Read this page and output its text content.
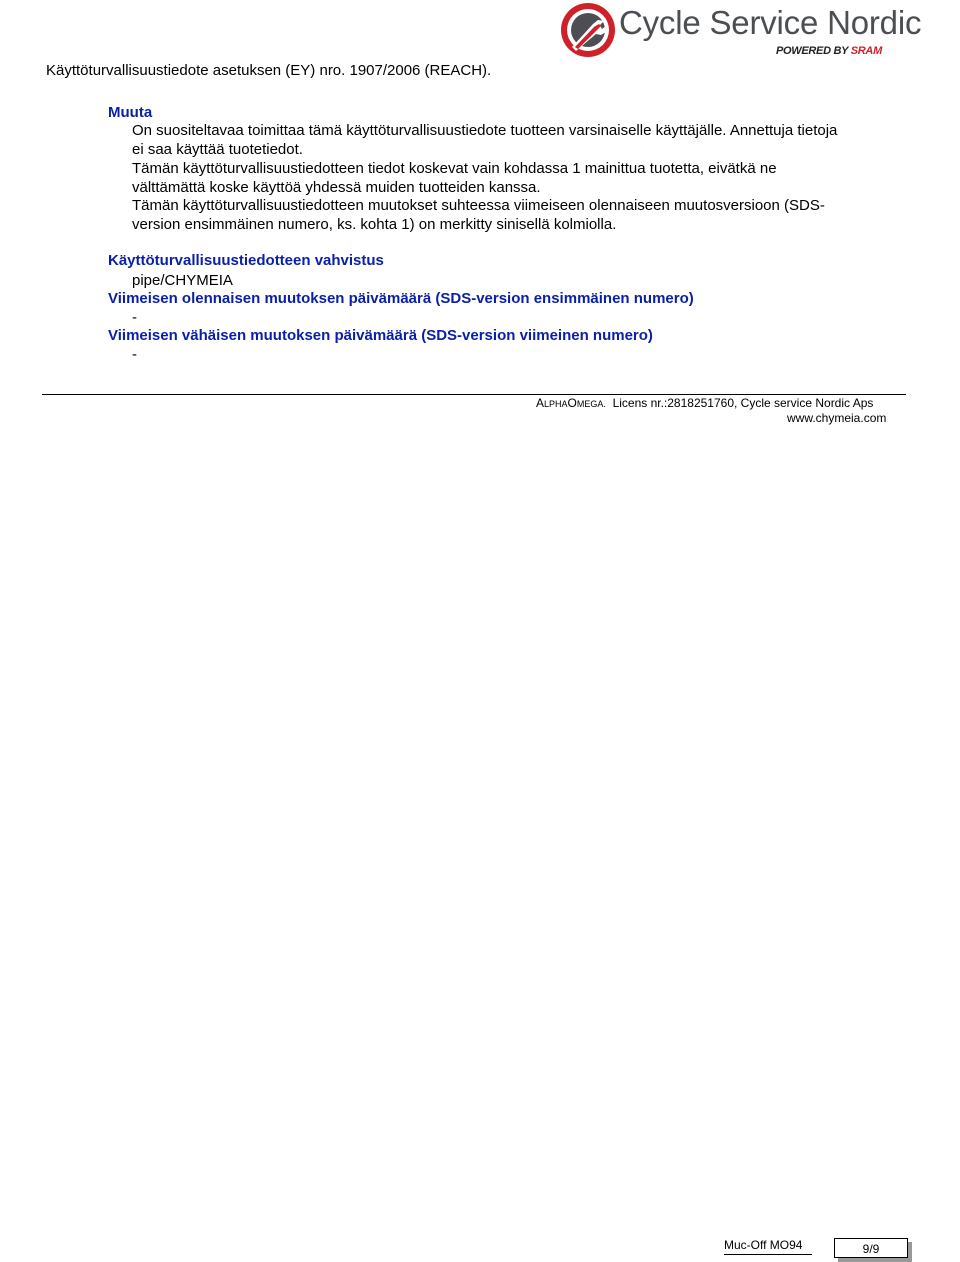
Käyttöturvallisuustiedote asetuksen (EY) nro. 1907/2006 (REACH).
Cycle Service Nordic
POWERED BY SRAM
Muuta
On suositeltavaa toimittaa tämä käyttöturvallisuustiedote tuotteen varsinaiselle käyttäjälle. Annettuja tietoja
ei saa käyttää tuotetiedot.
Tämän käyttöturvallisuustiedotteen tiedot koskevat vain kohdassa 1 mainittua tuotetta, eivätkä ne
välttämättä koske käyttöä yhdessä muiden tuotteiden kanssa.
Tämän käyttöturvallisuustiedotteen muutokset suhteessa viimeiseen olennaiseen muutosversioon (SDS-
version ensimmäinen numero, ks. kohta 1) on merkitty sinisellä kolmiolla.
Käyttöturvallisuustiedotteen vahvistus
pipe/CHYMEIA
Viimeisen olennaisen muutoksen päivämäärä (SDS-version ensimmäinen numero)
-
Viimeisen vähäisen muutoksen päivämäärä (SDS-version viimeinen numero)
-
ALPHAOMEGA. Licens nr.:2818251760, Cycle service Nordic Aps
www.chymeia.com
Muc-Off MO94	9/9
